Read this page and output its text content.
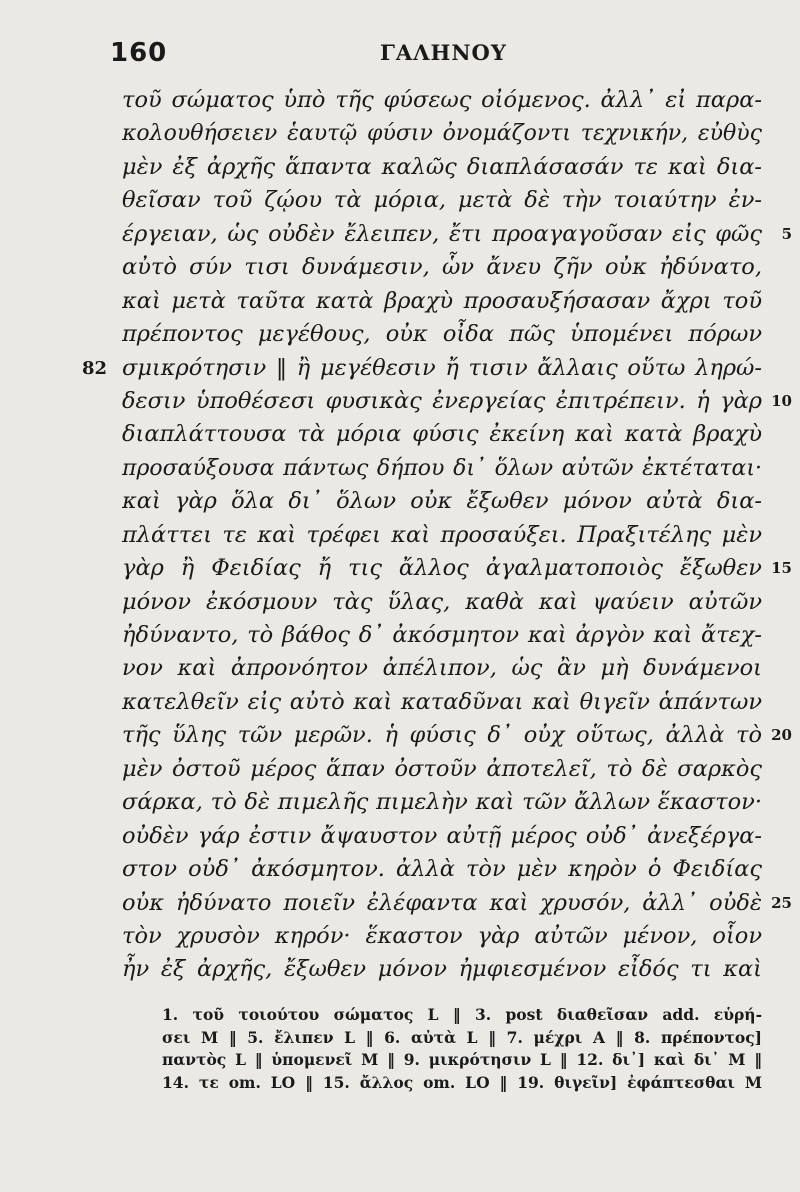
160	ΓΑΛΗΝΟΥ
τοῦ σώματος ὑπὸ τῆς φύσεως οἰόμενος. ἀλλ᾽ εἰ παρα-
κολουθήσειεν ἑαυτῷ φύσιν ὀνομάζοντι τεχνικήν, εὐθὺς
μὲν ἐξ ἀρχῆς ἅπαντα καλῶς διαπλάσασάν τε καὶ δια-
θεῖσαν τοῦ ζῴου τὰ μόρια, μετὰ δὲ τὴν τοιαύτην ἐν-
έργειαν, ὡς οὐδὲν ἔλειπεν, ἔτι προαγαγοῦσαν εἰς φῶς 5
αὐτὸ σύν τισι δυνάμεσιν, ὧν ἄνευ ζῆν οὐκ ἠδύνατο,
καὶ μετὰ ταῦτα κατὰ βραχὺ προσαυξήσασαν ἄχρι τοῦ
πρέποντος μεγέθους, οὐκ οἶδα πῶς ὑπομένει πόρων
σμικρότησιν ‖ ἢ μεγέθεσιν ἤ τισιν ἄλλαις οὕτω ληρώ-
82
δεσιν ὑποθέσεσι φυσικὰς ἐνεργείας ἐπιτρέπειν. ἡ γὰρ 10
διαπλάττουσα τὰ μόρια φύσις ἐκείνη καὶ κατὰ βραχὺ
προσαύξουσα πάντως δήπου δι᾽ ὅλων αὐτῶν ἐκτέταται·
καὶ γὰρ ὅλα δι᾽ ὅλων οὐκ ἔξωθεν μόνον αὐτὰ δια-
πλάττει τε καὶ τρέφει καὶ προσαύξει. Πραξιτέλης μὲν
γὰρ ἢ Φειδίας ἤ τις ἄλλος ἀγαλματοποιὸς ἔξωθεν 15
μόνον ἐκόσμουν τὰς ὕλας, καθὰ καὶ ψαύειν αὐτῶν
ἠδύναντο, τὸ βάθος δ᾽ ἀκόσμητον καὶ ἀργὸν καὶ ἄτεχ-
νον καὶ ἀπρονόητον ἀπέλιπον, ὡς ἂν μὴ δυνάμενοι
κατελθεῖν εἰς αὐτὸ καὶ καταδῦναι καὶ θιγεῖν ἁπάντων
τῆς ὕλης τῶν μερῶν. ἡ φύσις δ᾽ οὐχ οὕτως, ἀλλὰ τὸ 20
μὲν ὀστοῦ μέρος ἅπαν ὀστοῦν ἀποτελεῖ, τὸ δὲ σαρκὸς
σάρκα, τὸ δὲ πιμελῆς πιμελὴν καὶ τῶν ἄλλων ἕκαστον·
οὐδὲν γάρ ἐστιν ἄψαυστον αὐτῇ μέρος οὐδ᾽ ἀνεξέργα-
στον οὐδ᾽ ἀκόσμητον. ἀλλὰ τὸν μὲν κηρὸν ὁ Φειδίας
οὐκ ἠδύνατο ποιεῖν ἐλέφαντα καὶ χρυσόν, ἀλλ᾽ οὐδὲ 25
τὸν χρυσὸν κηρόν· ἕκαστον γὰρ αὐτῶν μένον, οἷον
ἦν ἐξ ἀρχῆς, ἔξωθεν μόνον ἠμφιεσμένον εἶδός τι καὶ
1. τοῦ τοιούτου σώματος L ‖ 3. post διαθεῖσαν add. εὑρή-
σει M ‖ 5. ἔλιπεν L ‖ 6. αὐτὰ L ‖ 7. μέχρι A ‖ 8. πρέποντος]
παντὸς L ‖ ὑπομενεῖ M ‖ 9. μικρότησιν L ‖ 12. δι᾽] καὶ δι᾽ M ‖
14. τε om. LO ‖ 15. ἄλλος om. LO ‖ 19. θιγεῖν] ἐφάπτεσθαι M
